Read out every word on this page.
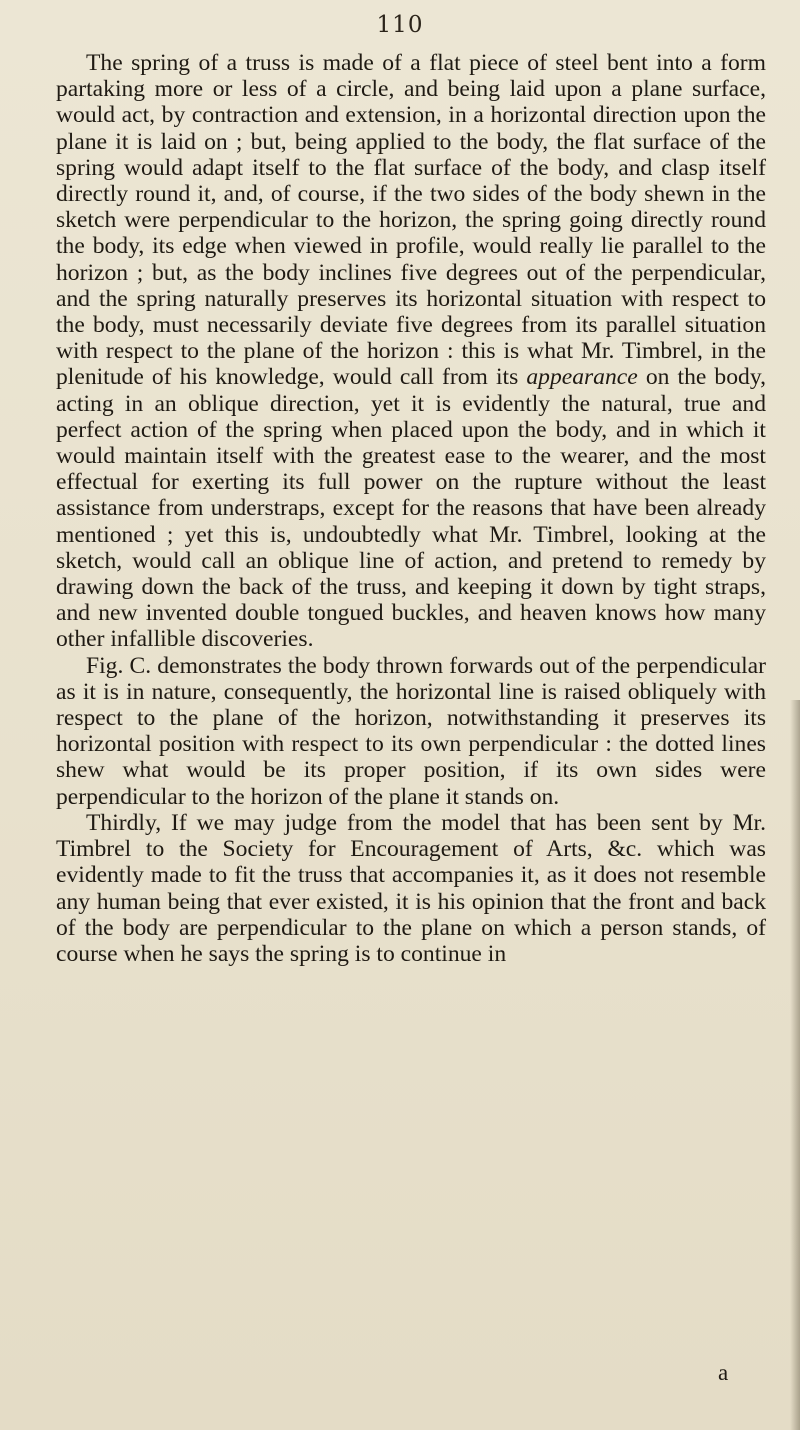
110

The spring of a truss is made of a flat piece of steel bent into a form partaking more or less of a circle, and being laid upon a plane surface, would act, by contraction and extension, in a horizontal direction upon the plane it is laid on ; but, being applied to the body, the flat surface of the spring would adapt itself to the flat surface of the body, and clasp itself directly round it, and, of course, if the two sides of the body shewn in the sketch were perpendicular to the horizon, the spring going directly round the body, its edge when viewed in profile, would really lie parallel to the horizon ; but, as the body inclines five degrees out of the perpendicular, and the spring naturally preserves its horizontal situation with respect to the body, must necessarily deviate five degrees from its parallel situation with respect to the plane of the horizon : this is what Mr. Timbrel, in the plenitude of his knowledge, would call from its appearance on the body, acting in an oblique direction, yet it is evidently the natural, true and perfect action of the spring when placed upon the body, and in which it would maintain itself with the greatest ease to the wearer, and the most effectual for exerting its full power on the rupture without the least assistance from understraps, except for the reasons that have been already mentioned ; yet this is, undoubtedly what Mr. Timbrel, looking at the sketch, would call an oblique line of action, and pretend to remedy by drawing down the back of the truss, and keeping it down by tight straps, and new invented double tongued buckles, and heaven knows how many other infallible discoveries.

Fig. C. demonstrates the body thrown forwards out of the perpendicular as it is in nature, consequently, the horizontal line is raised obliquely with respect to the plane of the horizon, notwithstanding it preserves its horizontal position with respect to its own perpendicular : the dotted lines shew what would be its proper position, if its own sides were perpendicular to the horizon of the plane it stands on.

Thirdly, If we may judge from the model that has been sent by Mr. Timbrel to the Society for Encouragement of Arts, &c. which was evidently made to fit the truss that accompanies it, as it does not resemble any human being that ever existed, it is his opinion that the front and back of the body are perpendicular to the plane on which a person stands, of course when he says the spring is to continue in

a
